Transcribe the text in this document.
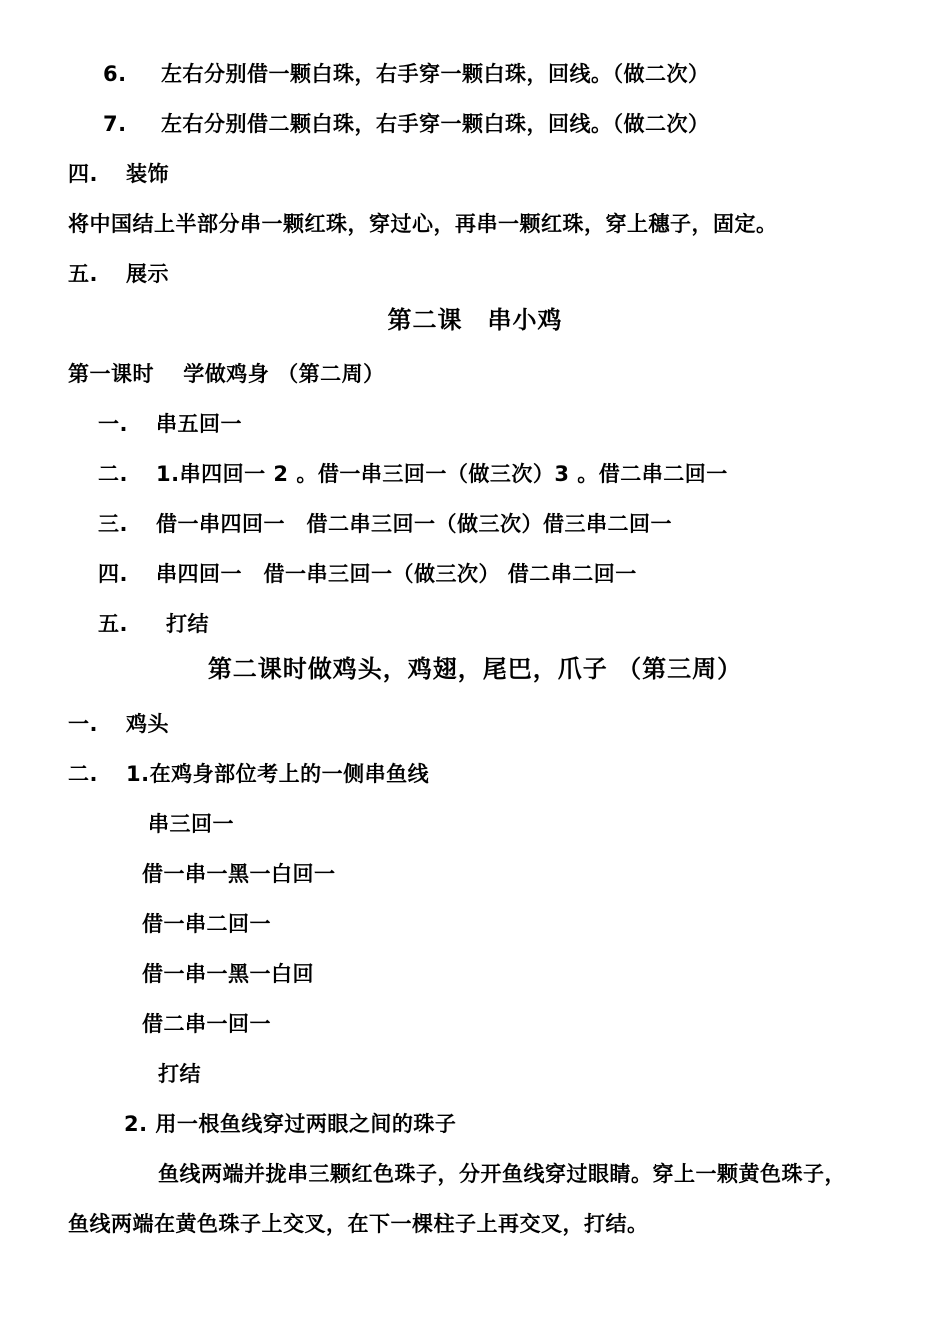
6. 左右分别借一颗白珠，右手穿一颗白珠，回线。（做二次）
7. 左右分别借二颗白珠，右手穿一颗白珠，回线。（做二次）
四. 装饰
将中国结上半部分串一颗红珠，穿过心，再串一颗红珠，穿上穗子，固定。
五. 展示
第二课　串小鸡
第一课时　 学做鸡身 （第二周）
一. 串五回一
二. 1.串四回一 2 。借一串三回一（做三次）3 。借二串二回一
三. 借一串四回一　借二串三回一（做三次）借三串二回一
四. 串四回一　借一串三回一（做三次） 借二串二回一
五. 打结
第二课时做鸡头，鸡翅，尾巴，爪子 （第三周）
一. 鸡头
二. 1.在鸡身部位考上的一侧串鱼线
串三回一
借一串一黑一白回一
借一串二回一
借一串一黑一白回
借二串一回一
打结
2. 用一根鱼线穿过两眼之间的珠子
鱼线两端并拢串三颗红色珠子，分开鱼线穿过眼睛。穿上一颗黄色珠子，
鱼线两端在黄色珠子上交叉，在下一棵柱子上再交叉，打结。
